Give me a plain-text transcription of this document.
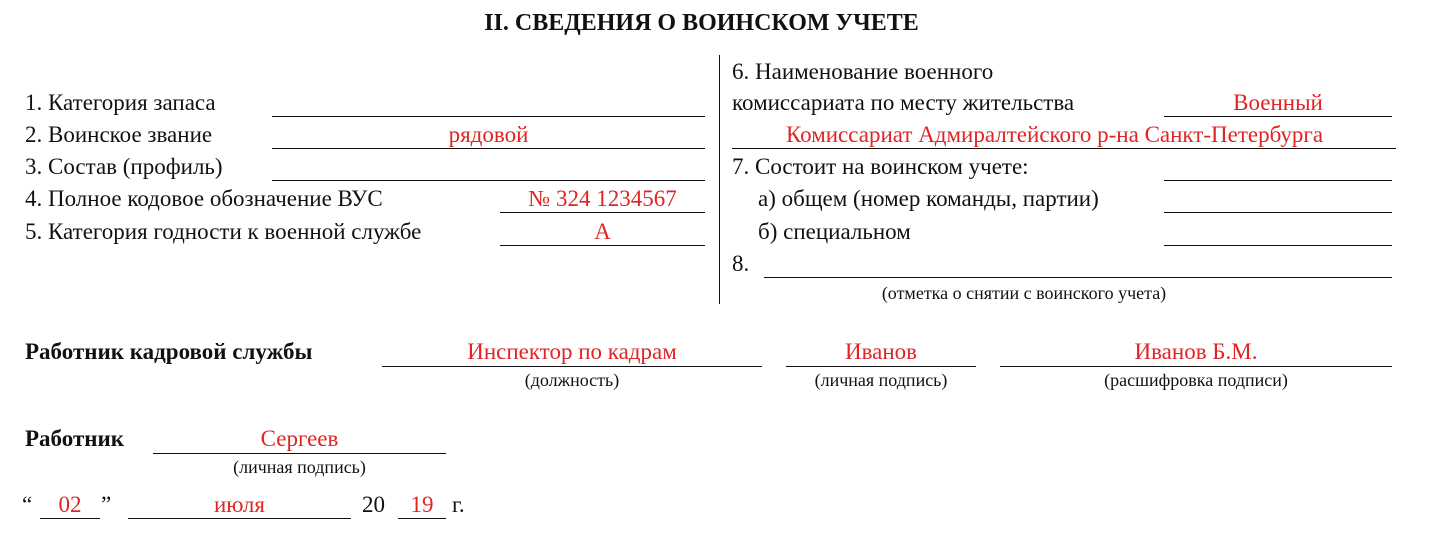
II. СВЕДЕНИЯ О ВОИНСКОМ УЧЕТЕ
1. Категория запаса
2. Воинское звание	рядовой
3. Состав (профиль)
4. Полное кодовое обозначение ВУС	№ 324 1234567
5. Категория годности к военной службе	А
6. Наименование военного
комиссариата по месту жительства	Военный
Комиссариат Адмиралтейского р-на Санкт-Петербурга
7. Состоит на воинском учете:
а) общем (номер команды, партии)
б) специальном
8.
(отметка о снятии с воинского учета)
Работник кадровой службы	Инспектор по кадрам
(должность)
Иванов
(личная подпись)
Иванов Б.М.
(расшифровка подписи)
Работник	Сергеев
(личная подпись)
“	02 ”	июля	20	19 г.
